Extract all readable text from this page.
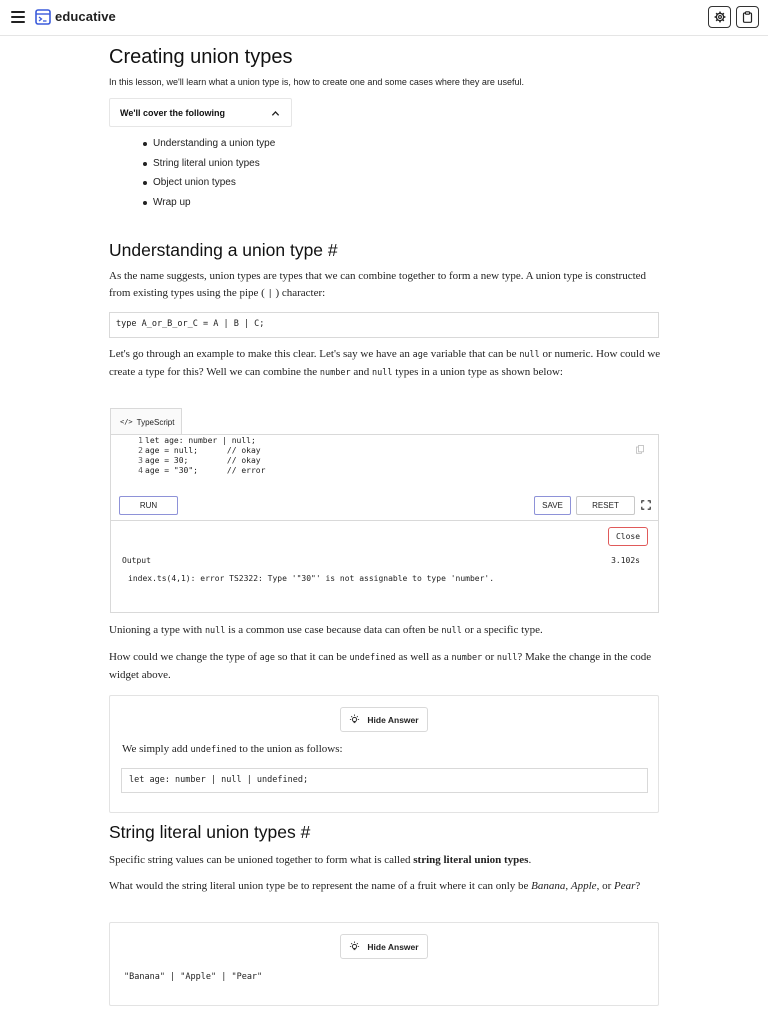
educative
Creating union types
In this lesson, we'll learn what a union type is, how to create one and some cases where they are useful.
We'll cover the following
Understanding a union type
String literal union types
Object union types
Wrap up
Understanding a union type #

As the name suggests, union types are types that we can combine together to form a new type. A union type is constructed from existing types using the pipe ( | ) character:

type A_or_B_or_C = A | B | C;

Let's go through an example to make this clear. Let's say we have an age variable that can be null or numeric. How could we create a type for this? Well we can combine the number and null types in a union type as shown below:

</> TypeScript
1 let age: number | null;
2 age = null;      // okay
3 age = 30;        // okay
4 age = "30";      // error
RUN	SAVE	RESET
Close
Output	3.102s
index.ts(4,1): error TS2322: Type '"30"' is not assignable to type 'number'.

Unioning a type with null is a common use case because data can often be null or a specific type.

How could we change the type of age so that it can be undefined as well as a number or null? Make the change in the code widget above.

Hide Answer

We simply add undefined to the union as follows:

let age: number | null | undefined;
String literal union types #

Specific string values can be unioned together to form what is called string literal union types.

What would the string literal union type be to represent the name of a fruit where it can only be Banana, Apple, or Pear?

Hide Answer
"Banana" | "Apple" | "Pear"
